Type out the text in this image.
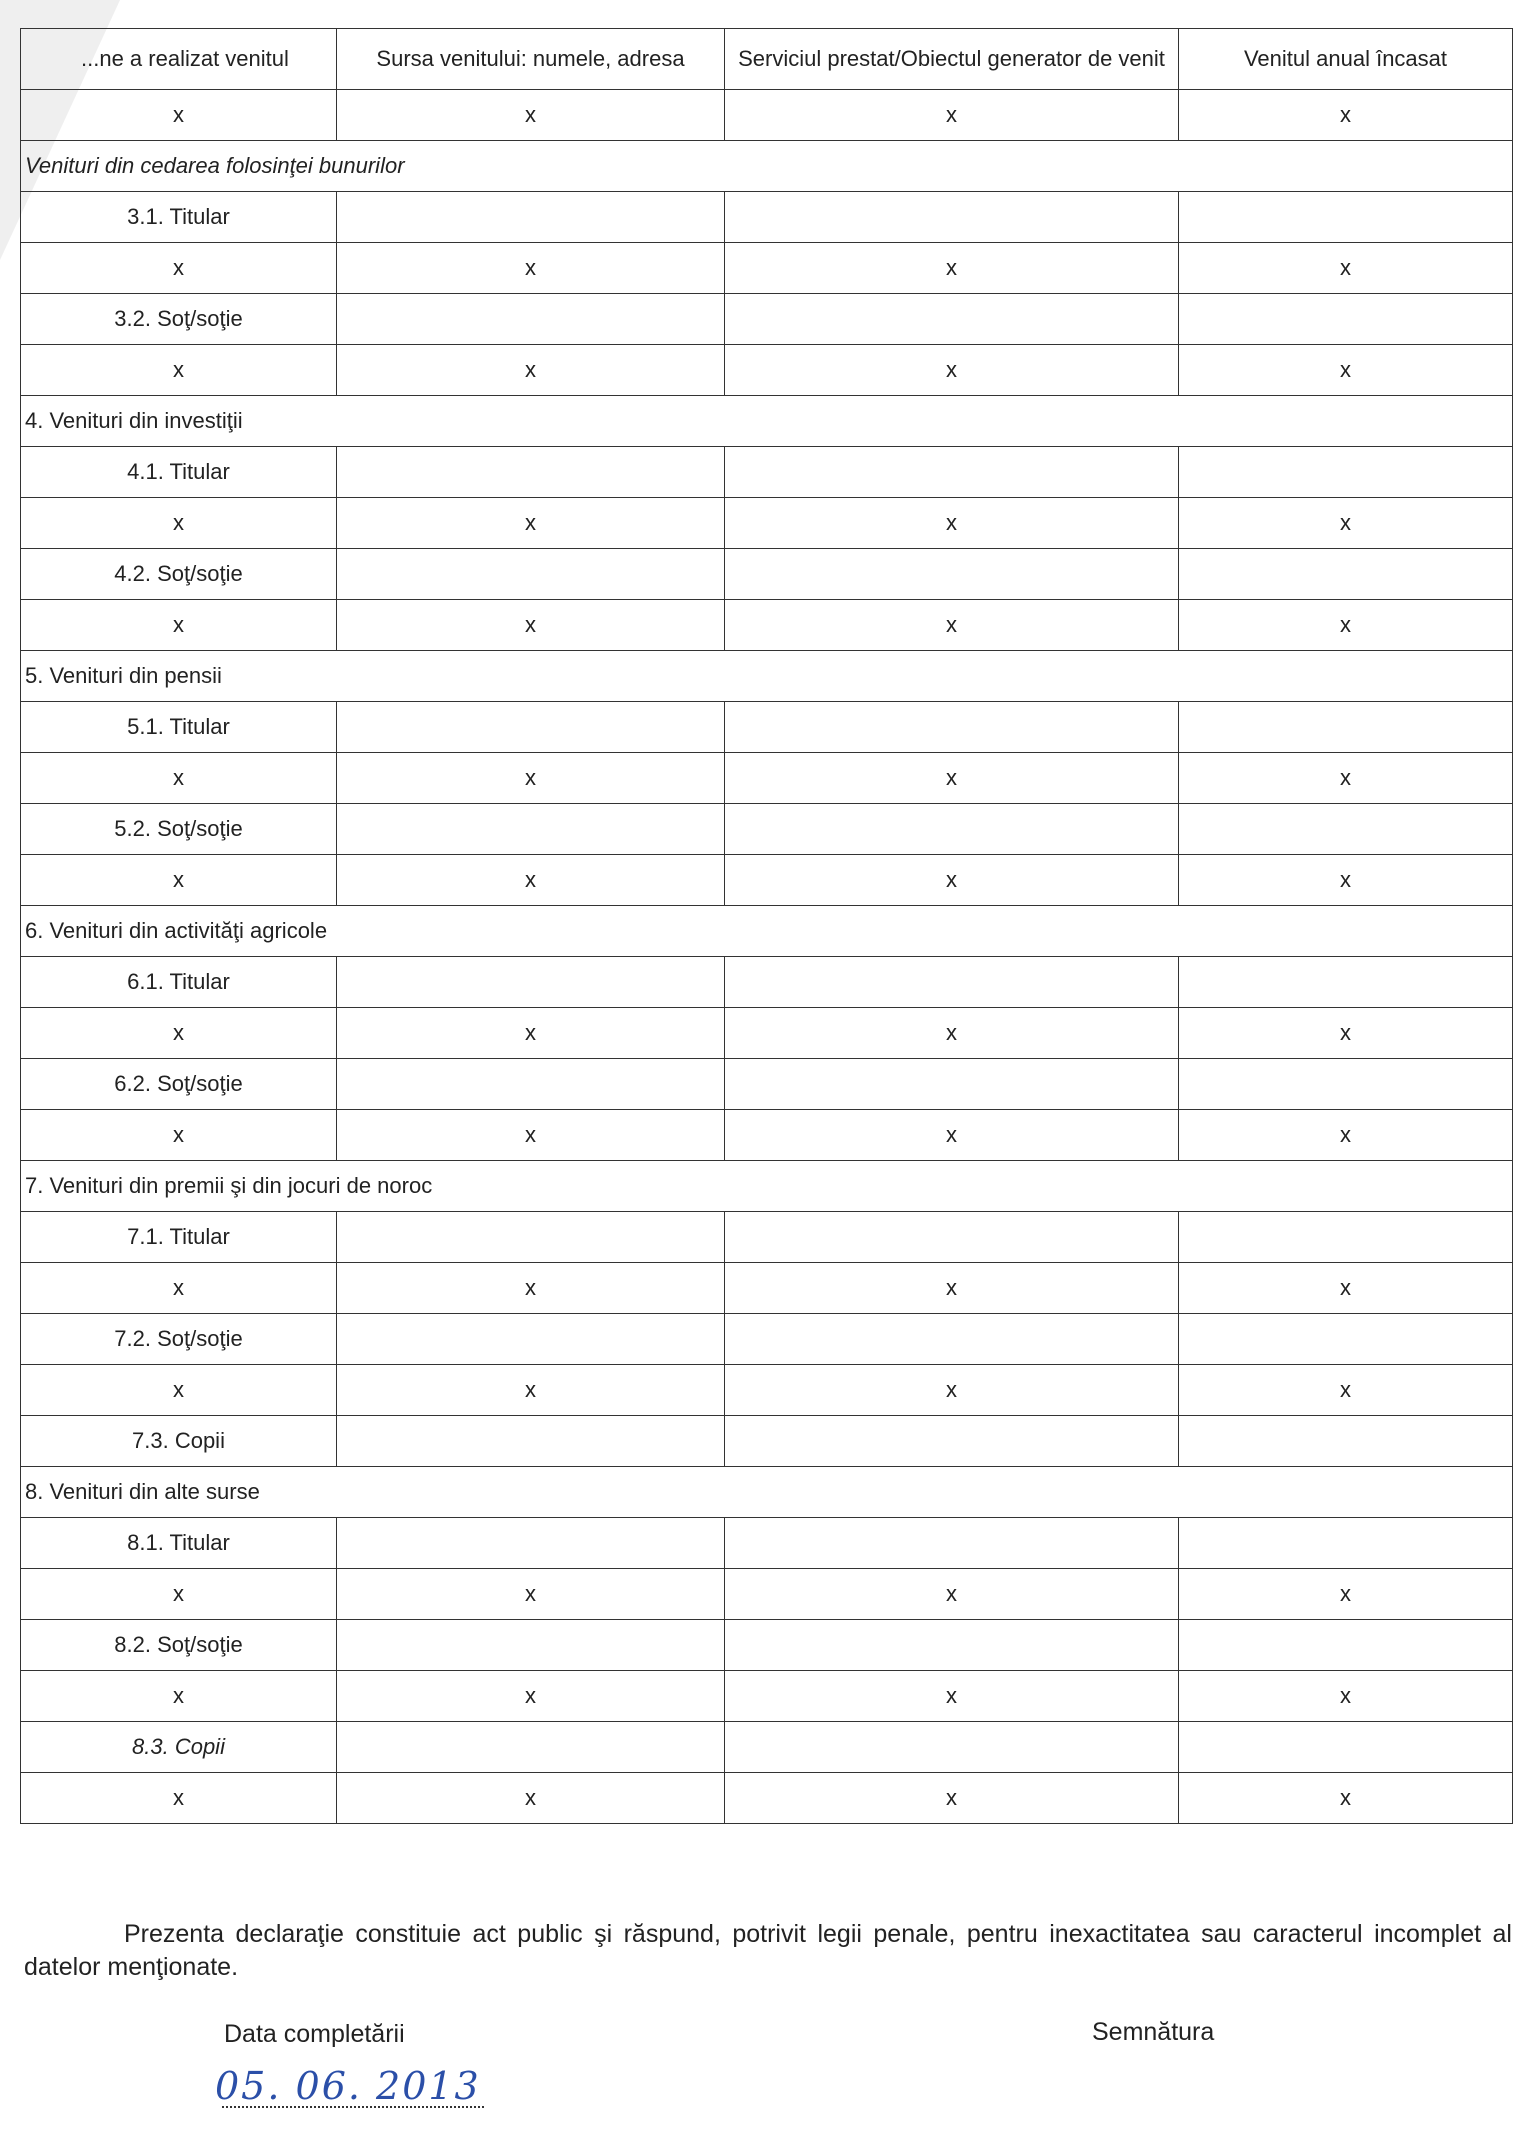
...ne a realizat venitul	Sursa venitului: numele, adresa	Serviciul prestat/Obiectul generator de venit	Venitul anual încasat
x	x	x	x
Venituri din cedarea folosinţei bunurilor			
3.1. Titular			
x	x	x	x
3.2. Soţ/soţie			
x	x	x	x
4. Venituri din investiţii			
4.1. Titular			
x	x	x	x
4.2. Soţ/soţie			
x	x	x	x
5. Venituri din pensii			
5.1. Titular			
x	x	x	x
5.2. Soţ/soţie			
x	x	x	x
6. Venituri din activităţi agricole			
6.1. Titular			
x	x	x	x
6.2. Soţ/soţie			
x	x	x	x
7. Venituri din premii şi din jocuri de noroc			
7.1. Titular			
x	x	x	x
7.2. Soţ/soţie			
x	x	x	x
7.3. Copii			
8. Venituri din alte surse			
8.1. Titular			
x	x	x	x
8.2. Soţ/soţie			
x	x	x	x
8.3. Copii			
x	x	x	x
Prezenta declaraţie constituie act public şi răspund, potrivit legii penale, pentru inexactitatea sau caracterul incomplet al datelor menţionate.
Data completării	Semnătura
05. 06. 2013
